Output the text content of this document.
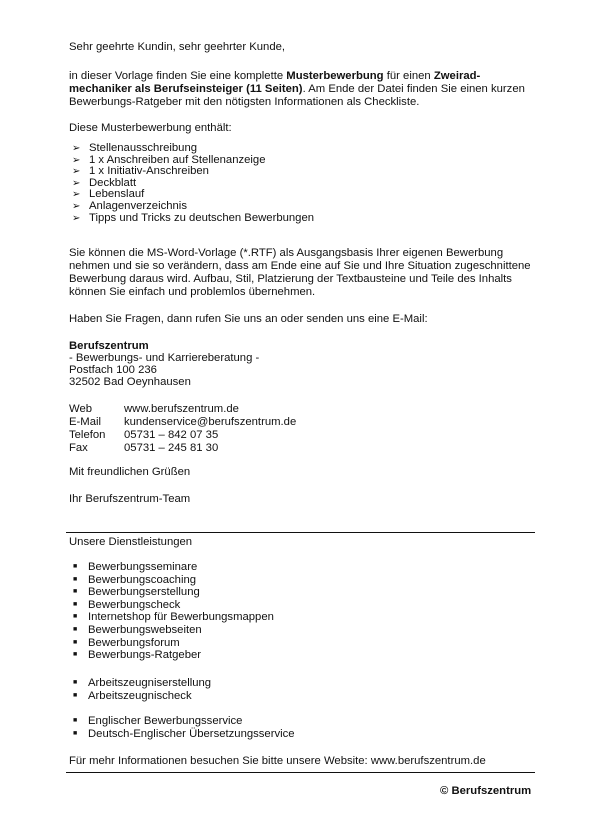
Sehr geehrte Kundin, sehr geehrter Kunde,

in dieser Vorlage finden Sie eine komplette Musterbewerbung für einen Zweirad-

mechaniker als Berufseinsteiger (11 Seiten). Am Ende der Datei finden Sie einen kurzen

Bewerbungs-Ratgeber mit den nötigsten Informationen als Checkliste.

Diese Musterbewerbung enthält:

➢ Stellenausschreibung
➢ 1 x Anschreiben auf Stellenanzeige
➢ 1 x Initiativ-Anschreiben
➢ Deckblatt
➢ Lebenslauf
➢ Anlagenverzeichnis
➢ Tipps und Tricks zu deutschen Bewerbungen

Sie können die MS-Word-Vorlage (*.RTF) als Ausgangsbasis Ihrer eigenen Bewerbung

nehmen und sie so verändern, dass am Ende eine auf Sie und Ihre Situation zugeschnittene

Bewerbung daraus wird. Aufbau, Stil, Platzierung der Textbausteine und Teile des Inhalts

können Sie einfach und problemlos übernehmen.

Haben Sie Fragen, dann rufen Sie uns an oder senden uns eine E-Mail:

Berufszentrum

- Bewerbungs- und Karriereberatung -

Postfach 100 236

32502 Bad Oeynhausen

Web	www.berufszentrum.de

E-Mail kundenservice@berufszentrum.de

Telefon 05731 – 842 07 35

Fax	05731 – 245 81 30

Mit freundlichen Grüßen

Ihr Berufszentrum-Team

Unsere Dienstleistungen

■ Bewerbungsseminare
■ Bewerbungscoaching
■ Bewerbungserstellung
■ Bewerbungscheck
■ Internetshop für Bewerbungsmappen
■ Bewerbungswebseiten
■ Bewerbungsforum
■ Bewerbungs-Ratgeber
■ Arbeitszeugniserstellung
■ Arbeitszeugnischeck
■ Englischer Bewerbungsservice
■ Deutsch-Englischer Übersetzungsservice

Für mehr Informationen besuchen Sie bitte unsere Website: www.berufszentrum.de

© Berufszentrum
